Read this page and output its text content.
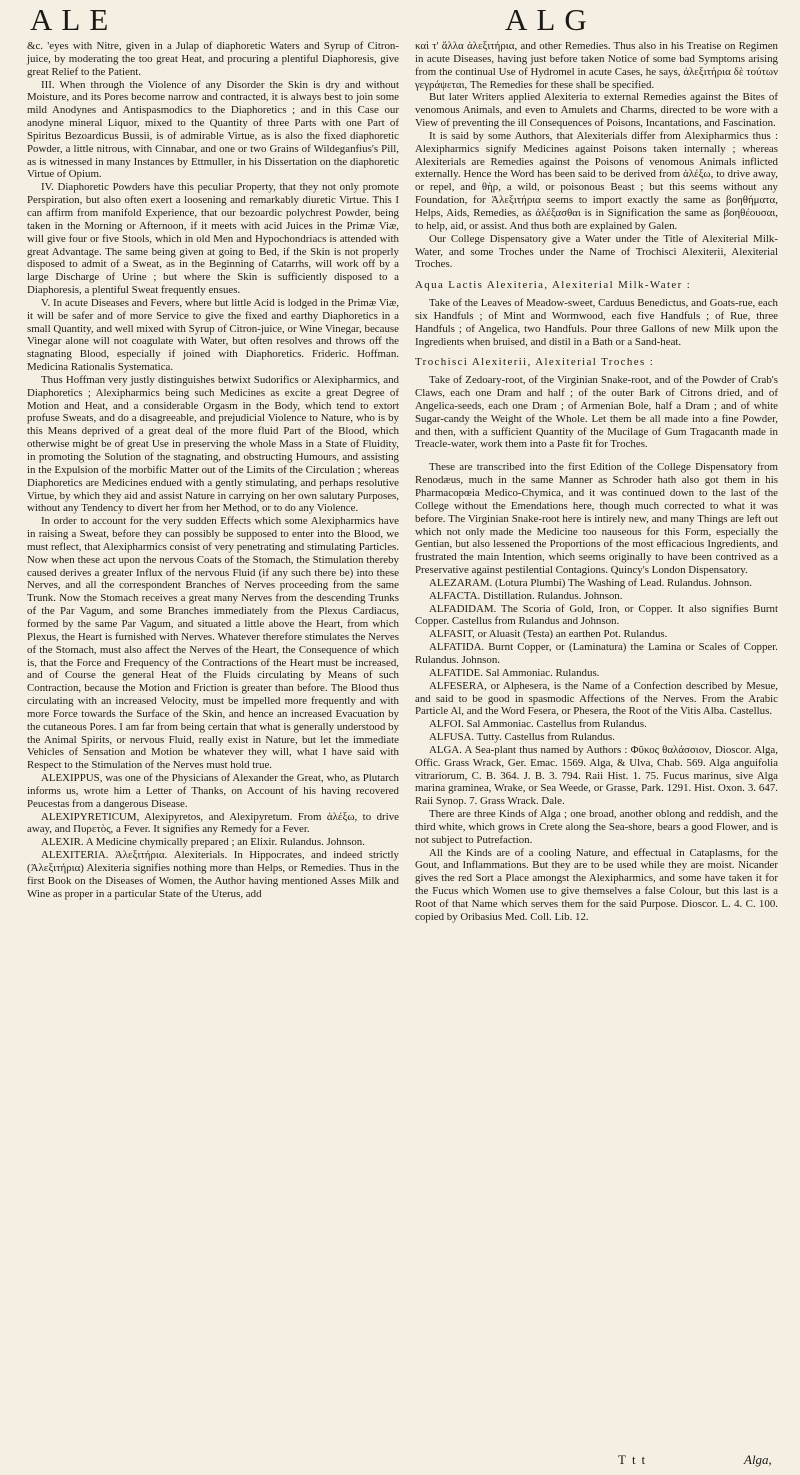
ALE	ALG

&c. 'eyes with Nitre, given in a Julap of diaphoretic Waters and Syrup of Citron-juice, by moderating the too great Heat, and procuring a plentiful Diaphoresis, give great Relief to the Patient.

III. When through the Violence of any Disorder the Skin is dry and without Moisture, and its Pores become narrow and contracted, it is always best to join some mild Anodynes and Antispasmodics to the Diaphoretics ; and in this Case our anodyne mineral Liquor, mixed to the Quantity of three Parts with one Part of Spiritus Bezoardicus Bussii, is of admirable Virtue, as is also the fixed diaphoretic Powder, a little nitrous, with Cinnabar, and one or two Grains of Wildeganfius's Pill, as is witnessed in many Instances by Ettmuller, in his Dissertation on the diaphoretic Virtue of Opium.

IV. Diaphoretic Powders have this peculiar Property, that they not only promote Perspiration, but also often exert a loosening and remarkably diuretic Virtue. This I can affirm from manifold Experience, that our bezoardic polychrest Powder, being taken in the Morning or Afternoon, if it meets with acid Juices in the Primæ Viæ, will give four or five Stools, which in old Men and Hypochondriacs is attended with great Advantage. The same being given at going to Bed, if the Skin is not properly disposed to admit of a Sweat, as in the Beginning of Catarrhs, will work off by a large Discharge of Urine ; but where the Skin is sufficiently disposed to a Diaphoresis, a plentiful Sweat frequently ensues.

V. In acute Diseases and Fevers, where but little Acid is lodged in the Primæ Viæ, it will be safer and of more Service to give the fixed and earthy Diaphoretics in a small Quantity, and well mixed with Syrup of Citron-juice, or Wine Vinegar, because Vinegar alone will not coagulate with Water, but often resolves and throws off the stagnating Blood, especially if joined with Diaphoretics. Frideric. Hoffman. Medicina Rationalis Systematica.

Thus Hoffman very justly distinguishes betwixt Sudorifics or Alexipharmics, and Diaphoretics ; Alexipharmics being such Medicines as excite a great Degree of Motion and Heat, and a considerable Orgasm in the Body, which tend to extort profuse Sweats, and do a disagreeable, and prejudicial Violence to Nature, who is by this Means deprived of a great deal of the more fluid Part of the Blood, which otherwise might be of great Use in preserving the whole Mass in a State of Fluidity, in promoting the Solution of the stagnating, and obstructing Humours, and assisting in the Expulsion of the morbific Matter out of the Limits of the Circulation ; whereas Diaphoretics are Medicines endued with a gently stimulating, and perhaps resolutive Virtue, by which they aid and assist Nature in carrying on her own salutary Purposes, without any Tendency to divert her from her Method, or to do any Violence.

In order to account for the very sudden Effects which some Alexipharmics have in raising a Sweat, before they can possibly be supposed to enter into the Blood, we must reflect, that Alexipharmics consist of very penetrating and stimulating Particles. Now when these act upon the nervous Coats of the Stomach, the Stimulation thereby caused derives a greater Influx of the nervous Fluid (if any such there be) into these Nerves, and all the correspondent Branches of Nerves proceeding from the same Trunk. Now the Stomach receives a great many Nerves from the descending Trunks of the Par Vagum, and some Branches immediately from the Plexus Cardiacus, formed by the same Par Vagum, and situated a little above the Heart, from which Plexus, the Heart is furnished with Nerves. Whatever therefore stimulates the Nerves of the Stomach, must also affect the Nerves of the Heart, the Consequence of which is, that the Force and Frequency of the Contractions of the Heart must be increased, and of Course the general Heat of the Fluids circulating by Means of such Contraction, because the Motion and Friction is greater than before. The Blood thus circulating with an increased Velocity, must be impelled more frequently and with more Force towards the Surface of the Skin, and hence an increased Evacuation by the cutaneous Pores. I am far from being certain that what is generally understood by the Animal Spirits, or nervous Fluid, really exist in Nature, but let the immediate Vehicles of Sensation and Motion be whatever they will, what I have said with Respect to the Stimulation of the Nerves must hold true.

ALEXIPPUS, was one of the Physicians of Alexander the Great, who, as Plutarch informs us, wrote him a Letter of Thanks, on Account of his having recovered Peucestas from a dangerous Disease.

ALEXIPYRETICUM, Alexipyretos, and Alexipyretum. From ἀλέξω, to drive away, and Πυρετὸς, a Fever. It signifies any Remedy for a Fever.

ALEXIR. A Medicine chymically prepared ; an Elixir. Rulandus. Johnson.

ALEXITERIA. Ἀλεξιτήρια. Alexiterials. In Hippocrates, and indeed strictly (Ἀλεξιτήρια) Alexiteria signifies nothing more than Helps, or Remedies. Thus in the first Book on the Diseases of Women, the Author having mentioned Asses Milk and Wine as proper in a particular State of the Uterus, add

καὶ τ' ἄλλα ἀλεξιτήρια, and other Remedies. Thus also in his Treatise on Regimen in acute Diseases, having just before taken Notice of some bad Symptoms arising from the continual Use of Hydromel in acute Cases, he says, ἀλεξιτήρια δὲ τούτων γεγράψεται, The Remedies for these shall be specified.

But later Writers applied Alexiteria to external Remedies against the Bites of venomous Animals, and even to Amulets and Charms, directed to be wore with a View of preventing the ill Consequences of Poisons, Incantations, and Fascination.

It is said by some Authors, that Alexiterials differ from Alexipharmics thus : Alexipharmics signify Medicines against Poisons taken internally ; whereas Alexiterials are Remedies against the Poisons of venomous Animals inflicted externally. Hence the Word has been said to be derived from ἀλέξω, to drive away, or repel, and θὴρ, a wild, or poisonous Beast ; but this seems without any Foundation, for Ἀλεξιτήρια seems to import exactly the same as βοηθήματα, Helps, Aids, Remedies, as ἀλέξασθαι is in Signification the same as βοηθέουσαι, to help, aid, or assist. And thus both are explained by Galen.

Our College Dispensatory give a Water under the Title of Alexiterial Milk-Water, and some Troches under the Name of Trochisci Alexiterii, Alexiterial Troches.

Aqua Lactis Alexiteria, Alexiterial Milk-Water :

Take of the Leaves of Meadow-sweet, Carduus Benedictus, and Goats-rue, each six Handfuls ; of Mint and Wormwood, each five Handfuls ; of Rue, three Handfuls ; of Angelica, two Handfuls. Pour three Gallons of new Milk upon the Ingredients when bruised, and distil in a Bath or a Sand-heat.

Trochisci Alexiterii, Alexiterial Troches :

Take of Zedoary-root, of the Virginian Snake-root, and of the Powder of Crab's Claws, each one Dram and half ; of the outer Bark of Citrons dried, and of Angelica-seeds, each one Dram ; of Armenian Bole, half a Dram ; and of white Sugar-candy the Weight of the Whole. Let them be all made into a fine Powder, and then, with a sufficient Quantity of the Mucilage of Gum Tragacanth made in Treacle-water, work them into a Paste fit for Troches.

These are transcribed into the first Edition of the College Dispensatory from Renodæus, much in the same Manner as Schroder hath also got them in his Pharmacopœia Medico-Chymica, and it was continued down to the last of the College without the Emendations here, though much corrected to what it was before. The Virginian Snake-root here is intirely new, and many Things are left out which not only made the Medicine too nauseous for this Form, especially the Gentian, but also lessened the Proportions of the most efficacious Ingredients, and frustrated the main Intention, which seems originally to have been contrived as a Preservative against pestilential Contagions. Quincy's London Dispensatory.

ALEZARAM. (Lotura Plumbi) The Washing of Lead. Rulandus. Johnson.

ALFACTA. Distillation. Rulandus. Johnson.

ALFADIDAM. The Scoria of Gold, Iron, or Copper. It also signifies Burnt Copper. Castellus from Rulandus and Johnson.

ALFASIT, or Aluasit (Testa) an earthen Pot. Rulandus.

ALFATIDA. Burnt Copper, or (Laminatura) the Lamina or Scales of Copper. Rulandus. Johnson.

ALFATIDE. Sal Ammoniac. Rulandus.

ALFESERA, or Alphesera, is the Name of a Confection described by Mesue, and said to be good in spasmodic Affections of the Nerves. From the Arabic Particle Al, and the Word Fesera, or Phesera, the Root of the Vitis Alba. Castellus.

ALFOI. Sal Ammoniac. Castellus from Rulandus.

ALFUSA. Tutty. Castellus from Rulandus.

ALGA. A Sea-plant thus named by Authors : Φῦκος θαλάσσιον, Dioscor. Alga, Offic. Grass Wrack, Ger. Emac. 1569. Alga, & Ulva, Chab. 569. Alga anguifolia vitrariorum, C. B. 364. J. B. 3. 794. Raii Hist. 1. 75. Fucus marinus, sive Alga marina graminea, Wrake, or Sea Weede, or Grasse, Park. 1291. Hist. Oxon. 3. 647. Raii Synop. 7. Grass Wrack. Dale.

There are three Kinds of Alga ; one broad, another oblong and reddish, and the third white, which grows in Crete along the Sea-shore, bears a good Flower, and is not subject to Putrefaction.

All the Kinds are of a cooling Nature, and effectual in Cataplasms, for the Gout, and Inflammations. But they are to be used while they are moist. Nicander gives the red Sort a Place amongst the Alexipharmics, and some have taken it for the Fucus which Women use to give themselves a false Colour, but this last is a Root of that Name which serves them for the said Purpose. Dioscor. L. 4. C. 100. copied by Oribasius Med. Coll. Lib. 12.

Ttt	Alga,
